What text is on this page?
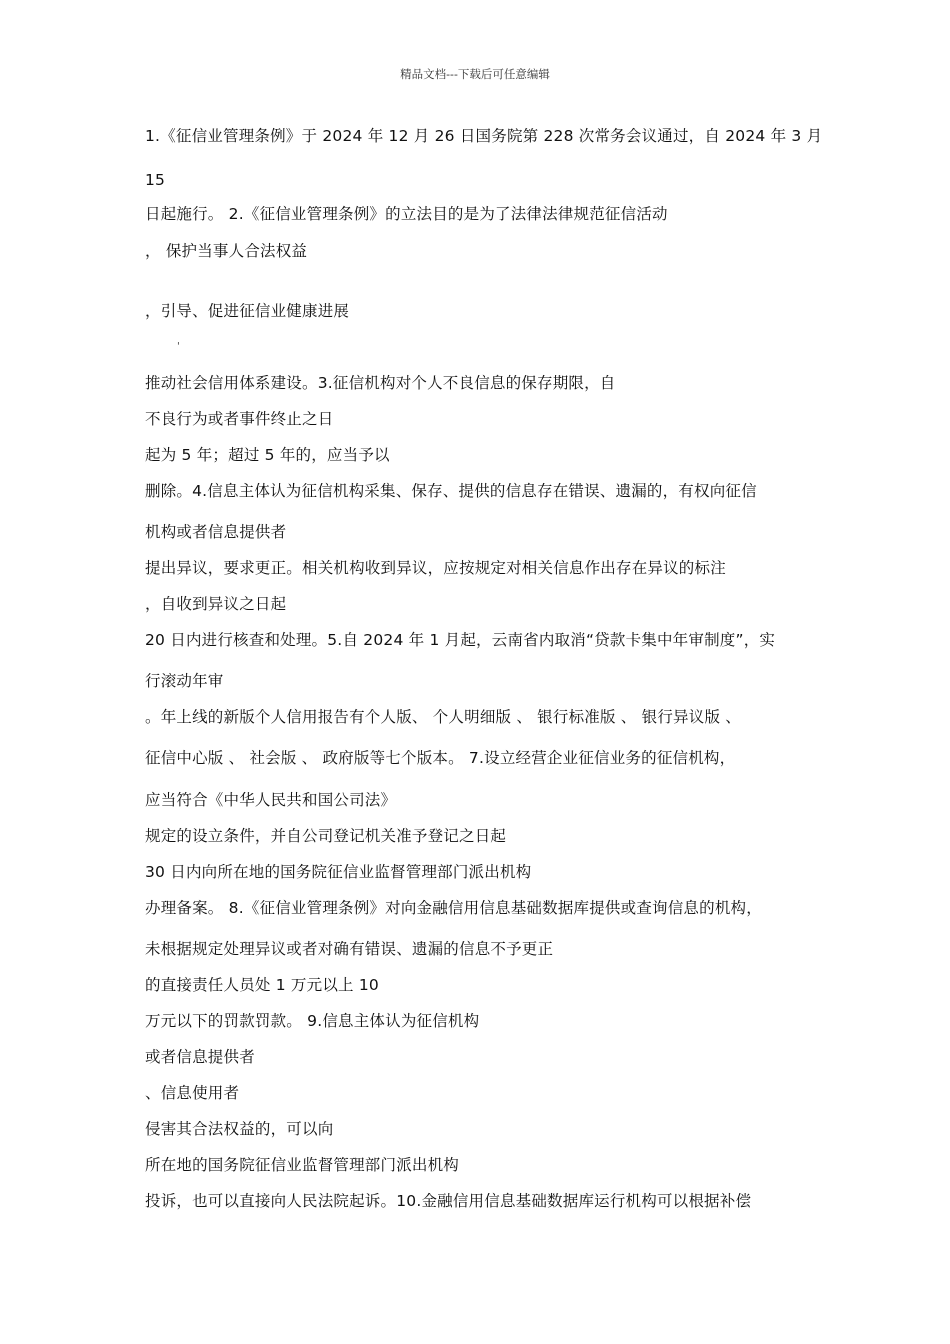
精品文档---下载后可任意编辑
1.《征信业管理条例》于 2024 年 12 月 26 日国务院第 228 次常务会议通过，自 2024 年 3 月
15
日起施行。 2.《征信业管理条例》的立法目的是为了法律法律规范征信活动
， 保护当事人合法权益
，引导、促进征信业健康进展
'
推动社会信用体系建设。3.征信机构对个人不良信息的保存期限，自
不良行为或者事件终止之日
起为 5 年；超过 5 年的，应当予以
删除。4.信息主体认为征信机构采集、保存、提供的信息存在错误、遗漏的，有权向征信
机构或者信息提供者
提出异议，要求更正。相关机构收到异议，应按规定对相关信息作出存在异议的标注
，自收到异议之日起
20 日内进行核查和处理。5.自 2024 年 1 月起，云南省内取消“贷款卡集中年审制度”，实
行滚动年审
。年上线的新版个人信用报告有个人版、 个人明细版 、 银行标准版 、 银行异议版 、
征信中心版 、 社会版 、 政府版等七个版本。 7.设立经营企业征信业务的征信机构，
应当符合《中华人民共和国公司法》
规定的设立条件，并自公司登记机关准予登记之日起
30 日内向所在地的国务院征信业监督管理部门派出机构
办理备案。 8.《征信业管理条例》对向金融信用信息基础数据库提供或查询信息的机构，
未根据规定处理异议或者对确有错误、遗漏的信息不予更正
的直接责任人员处 1 万元以上 10
万元以下的罚款罚款。 9.信息主体认为征信机构
或者信息提供者
、信息使用者
侵害其合法权益的，可以向
所在地的国务院征信业监督管理部门派出机构
投诉，也可以直接向人民法院起诉。10.金融信用信息基础数据库运行机构可以根据补偿
